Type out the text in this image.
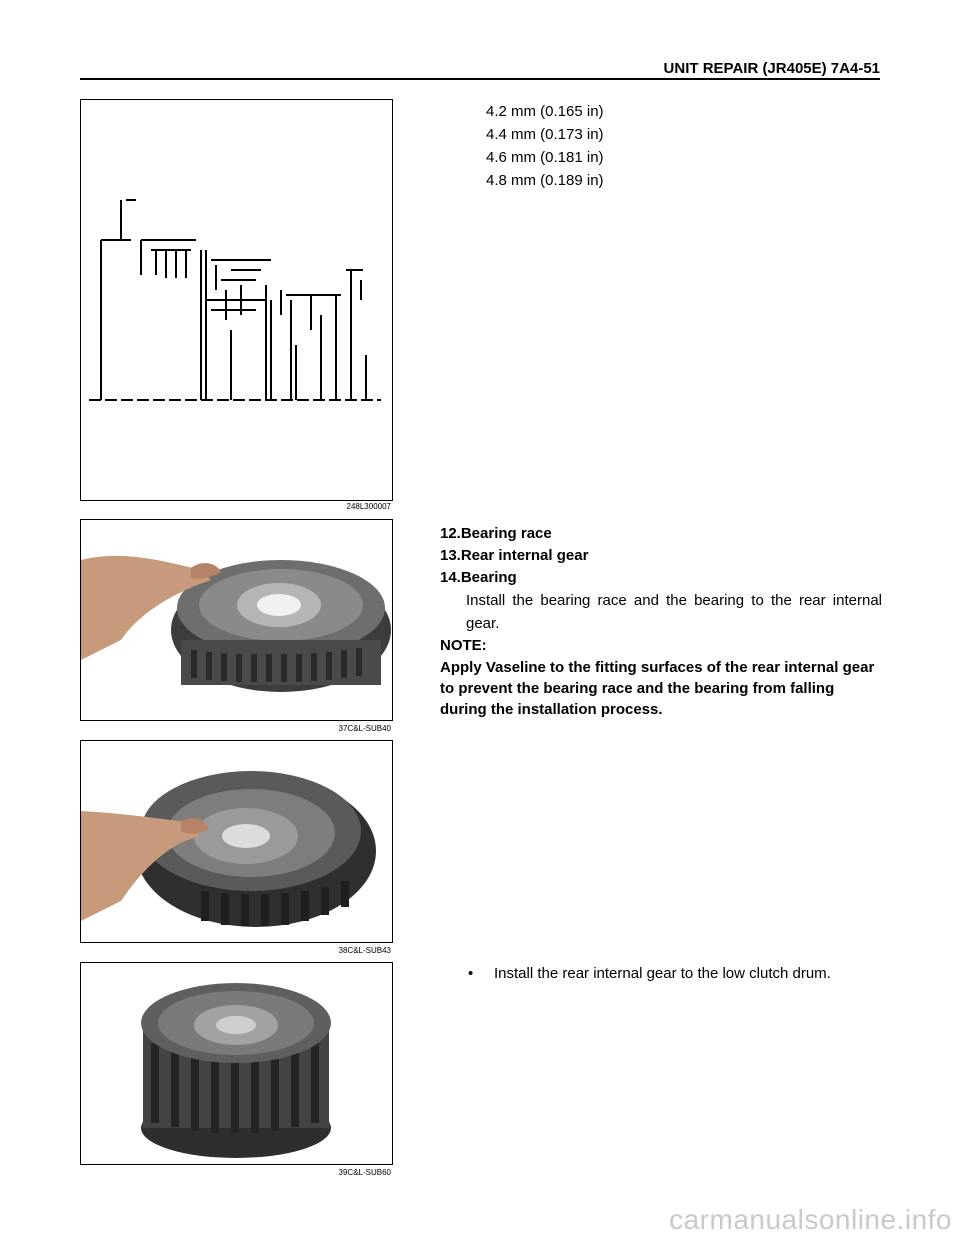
UNIT REPAIR (JR405E) 7A4-51
248L300007
37C&L-SUB40
38C&L-SUB43
39C&L-SUB60
4.2 mm (0.165 in)
4.4 mm (0.173 in)
4.6 mm (0.181 in)
4.8 mm (0.189 in)
12.Bearing race
13.Rear internal gear
14.Bearing
Install the bearing race and the bearing to the rear internal gear.
NOTE:
Apply Vaseline to the fitting surfaces of the rear internal gear to prevent the bearing race and the bearing from falling during the installation process.
•	Install the rear internal gear to the low clutch drum.
carmanualsonline.info
